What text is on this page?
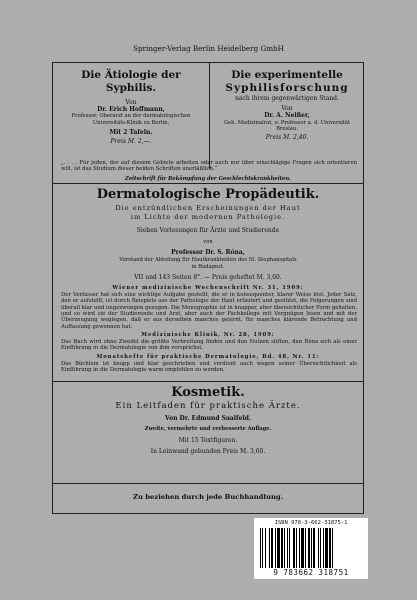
Springer-Verlag Berlin Heidelberg GmbH
Die Ätiologie der Syphilis.
Von
Dr. Erich Hoffmann,
Professor, Oberarzt an der dermatologischen
Universitäts-Klinik zu Berlin.
Mit 2 Tafeln.
Preis M. 2,—.
Die experimentelle
Syphilisforschung
nach ihrem gegenwärtigen Stand.
Von
Dr. A. Neißer,
Geh. Medizinalrat, o. Professor a. d. Universität
Breslau.
Preis M. 2,40.
„. . . . Für jeden, der auf diesem Gebiete arbeiten oder auch nur über einschlägige Fragen sich orientieren will, ist das Studium dieser beiden Schriften unerläßlich.“
Zeitschrift für Bekämpfung der Geschlechtskrankheiten.
Dermatologische Propädeutik.
Die entzündlichen Erscheinungen der Haut
im Lichte der modernen Pathologie.
Sieben Vorlesungen für Ärzte und Studierende
von
Professor Dr. S. Róna,
Vorstand der Abteilung für Hautkrankheiten des St. Stephanspitals
in Budapest.
VII und 143 Seiten 8°. — Preis geheftet M. 3,60.
Wiener medizinische Wochenschrift Nr. 31, 1909:
Der Verfasser hat sich eine wichtige Aufgabe gestellt, die er in konsequenter, klarer Weise löst. Jeder Satz, den er aufstellt, ist durch Beispiele aus der Pathologie der Haut erläutert und gestützt, die Folgerungen sind überall klar und ungezwungen gezogen. Die Monographie ist in knapper, aber übersichtlicher Form gehalten, und so wird sie der Studierende und Arzt, aber auch der Fachkollege mit Vergnügen lesen und mit der Überzeugung weglegen, daß er aus derselben manches gelernt, für manches klärende Betrachtung und Auffassung gewonnen hat.
Medizinische Klinik, Nr. 28, 1909:
Das Buch wird ohne Zweifel die größte Verbreitung finden und den Nutzen stiften, den Róna sich als einer Einführung in die Dermatologie von ihm versprichst.
Monatshefte für praktische Dermatologie, Bd. 48, Nr. 11:
Das Büchlein ist knapp und klar geschrieben und verdient auch wegen seiner Übersichtlichkeit als Einführung in die Dermatologie warm empfohlen zu werden.
Kosmetik.
Ein Leitfaden für praktische Ärzte.
Von Dr. Edmund Saalfeld.
Zweite, vermehrte und verbesserte Auflage.
Mit 15 Textfiguren.
In Leinwand gebunden Preis M. 3,60.
Zu beziehen durch jede Buchhandlung.
ISBN 978-3-662-31875-1
9 783662 318751
